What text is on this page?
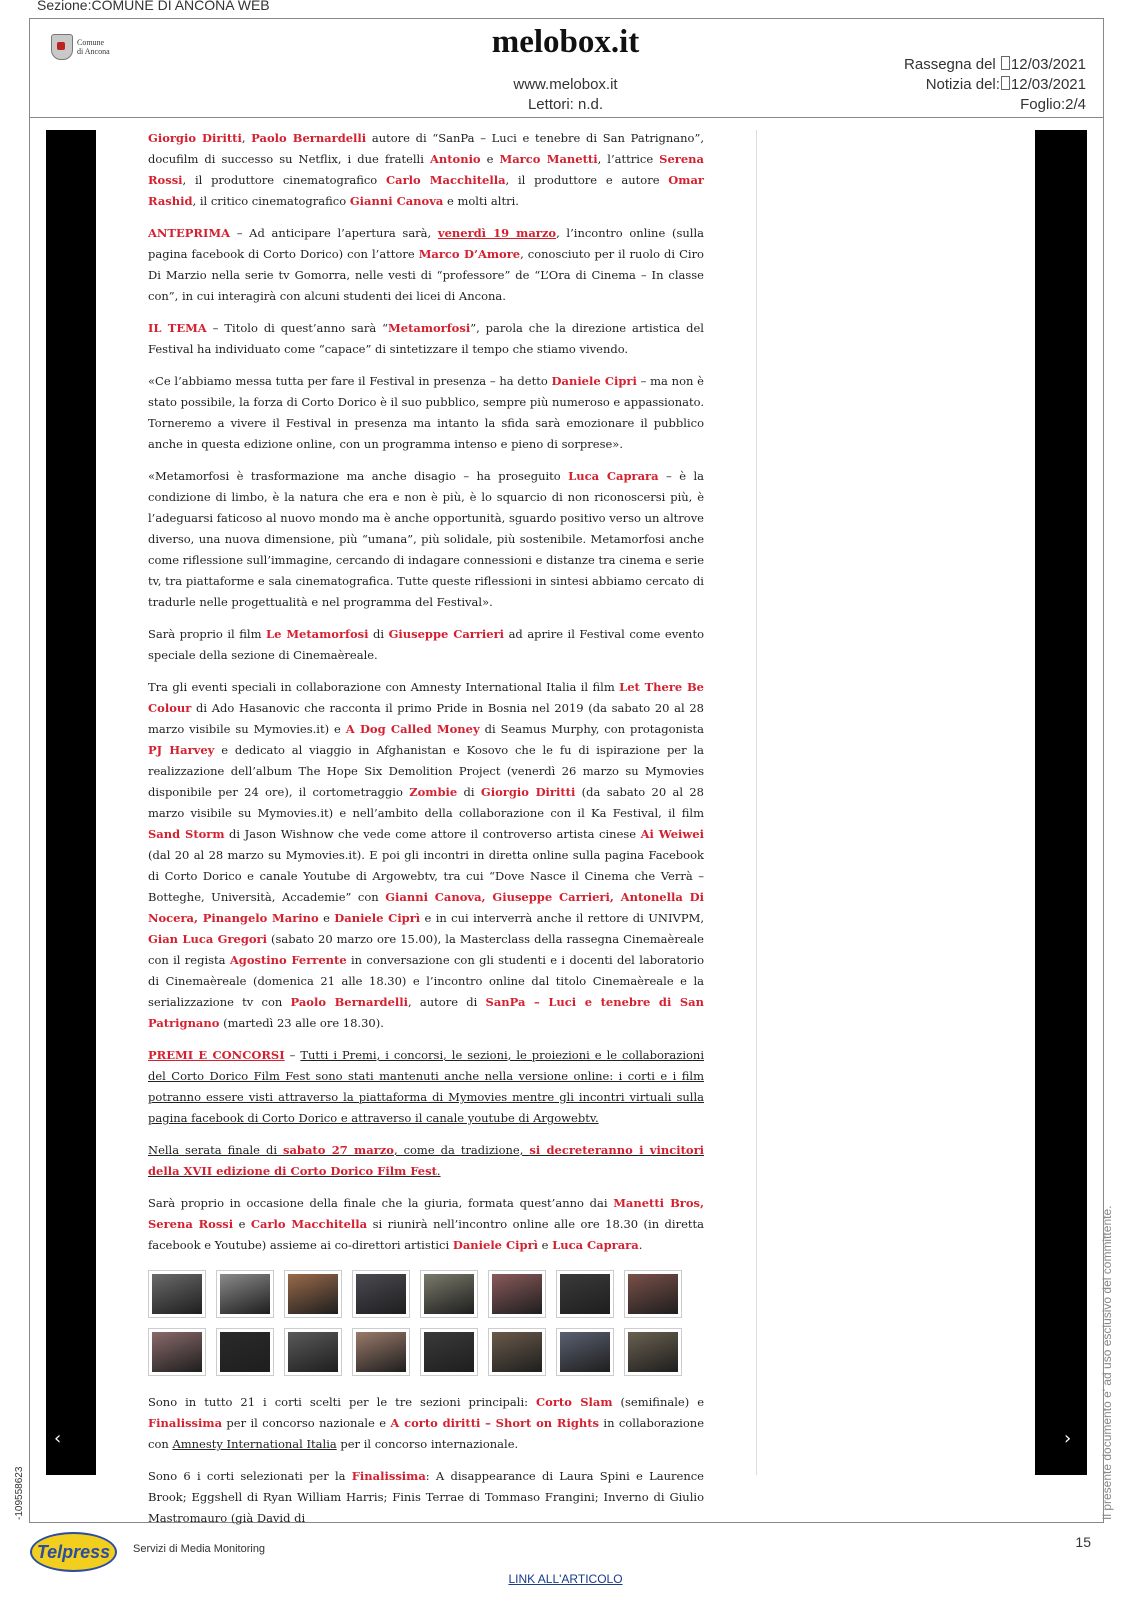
Sezione:COMUNE DI ANCONA WEB
Comune
di Ancona	melobox.it
www.melobox.it
Lettori: n.d.
Rassegna del 12/03/2021
Notizia del: 12/03/2021
Foglio:2/4
‹	›

Giorgio Diritti, Paolo Bernardelli autore di “SanPa – Luci e tenebre di San Patrignano”, docufilm di successo su Netflix, i due fratelli Antonio e Marco Manetti, l’attrice Serena Rossi, il produttore cinematografico Carlo Macchitella, il produttore e autore Omar Rashid, il critico cinematografico Gianni Canova e molti altri.

ANTEPRIMA – Ad anticipare l’apertura sarà, venerdì 19 marzo, l’incontro online (sulla pagina facebook di Corto Dorico) con l’attore Marco D’Amore, conosciuto per il ruolo di Ciro Di Marzio nella serie tv Gomorra, nelle vesti di “professore” de “L’Ora di Cinema – In classe con”, in cui interagirà con alcuni studenti dei licei di Ancona.

IL TEMA – Titolo di quest’anno sarà “Metamorfosi”, parola che la direzione artistica del Festival ha individuato come “capace” di sintetizzare il tempo che stiamo vivendo.

«Ce l’abbiamo messa tutta per fare il Festival in presenza – ha detto Daniele Cipri – ma non è stato possibile, la forza di Corto Dorico è il suo pubblico, sempre più numeroso e appassionato. Torneremo a vivere il Festival in presenza ma intanto la sfida sarà emozionare il pubblico anche in questa edizione online, con un programma intenso e pieno di sorprese».

«Metamorfosi è trasformazione ma anche disagio – ha proseguito Luca Caprara – è la condizione di limbo, è la natura che era e non è più, è lo squarcio di non riconoscersi più, è l’adeguarsi faticoso al nuovo mondo ma è anche opportunità, sguardo positivo verso un altrove diverso, una nuova dimensione, più “umana”, più solidale, più sostenibile. Metamorfosi anche come riflessione sull’immagine, cercando di indagare connessioni e distanze tra cinema e serie tv, tra piattaforme e sala cinematografica. Tutte queste riflessioni in sintesi abbiamo cercato di tradurle nelle progettualità e nel programma del Festival».

Sarà proprio il film Le Metamorfosi di Giuseppe Carrieri ad aprire il Festival come evento speciale della sezione di Cinemaèreale.

Tra gli eventi speciali in collaborazione con Amnesty International Italia il film Let There Be Colour di Ado Hasanovic che racconta il primo Pride in Bosnia nel 2019 (da sabato 20 al 28 marzo visibile su Mymovies.it) e A Dog Called Money di Seamus Murphy, con protagonista PJ Harvey e dedicato al viaggio in Afghanistan e Kosovo che le fu di ispirazione per la realizzazione dell’album The Hope Six Demolition Project (venerdì 26 marzo su Mymovies disponibile per 24 ore), il cortometraggio Zombie di Giorgio Diritti (da sabato 20 al 28 marzo visibile su Mymovies.it) e nell’ambito della collaborazione con il Ka Festival, il film Sand Storm di Jason Wishnow che vede come attore il controverso artista cinese Ai Weiwei (dal 20 al 28 marzo su Mymovies.it). E poi gli incontri in diretta online sulla pagina Facebook di Corto Dorico e canale Youtube di Argowebtv, tra cui “Dove Nasce il Cinema che Verrà – Botteghe, Università, Accademie” con Gianni Canova, Giuseppe Carrieri, Antonella Di Nocera, Pinangelo Marino e Daniele Ciprì e in cui interverrà anche il rettore di UNIVPM, Gian Luca Gregori (sabato 20 marzo ore 15.00), la Masterclass della rassegna Cinemaèreale con il regista Agostino Ferrente in conversazione con gli studenti e i docenti del laboratorio di Cinemaèreale (domenica 21 alle 18.30) e l’incontro online dal titolo Cinemaèreale e la serializzazione tv con Paolo Bernardelli, autore di SanPa – Luci e tenebre di San Patrignano (martedì 23 alle ore 18.30).

PREMI E CONCORSI – Tutti i Premi, i concorsi, le sezioni, le proiezioni e le collaborazioni del Corto Dorico Film Fest sono stati mantenuti anche nella versione online: i corti e i film potranno essere visti attraverso la piattaforma di Mymovies mentre gli incontri virtuali sulla pagina facebook di Corto Dorico e attraverso il canale youtube di Argowebtv.

Nella serata finale di sabato 27 marzo, come da tradizione, si decreteranno i vincitori della XVII edizione di Corto Dorico Film Fest.

Sarà proprio in occasione della finale che la giuria, formata quest’anno dai Manetti Bros, Serena Rossi e Carlo Macchitella si riunirà nell’incontro online alle ore 18.30 (in diretta facebook e Youtube) assieme ai co-direttori artistici Daniele Ciprì e Luca Caprara.

Sono in tutto 21 i corti scelti per le tre sezioni principali: Corto Slam (semifinale) e Finalissima per il concorso nazionale e A corto diritti – Short on Rights in collaborazione con Amnesty International Italia per il concorso internazionale.

Sono 6 i corti selezionati per la Finalissima: A disappearance di Laura Spini e Laurence Brook; Eggshell di Ryan William Harris; Finis Terrae di Tommaso Frangini; Inverno di Giulio Mastromauro (già David di	Il presente documento e' ad uso esclusivo del committente.
-109558623
Telpress	Servizi di Media Monitoring	15
LINK ALL'ARTICOLO
